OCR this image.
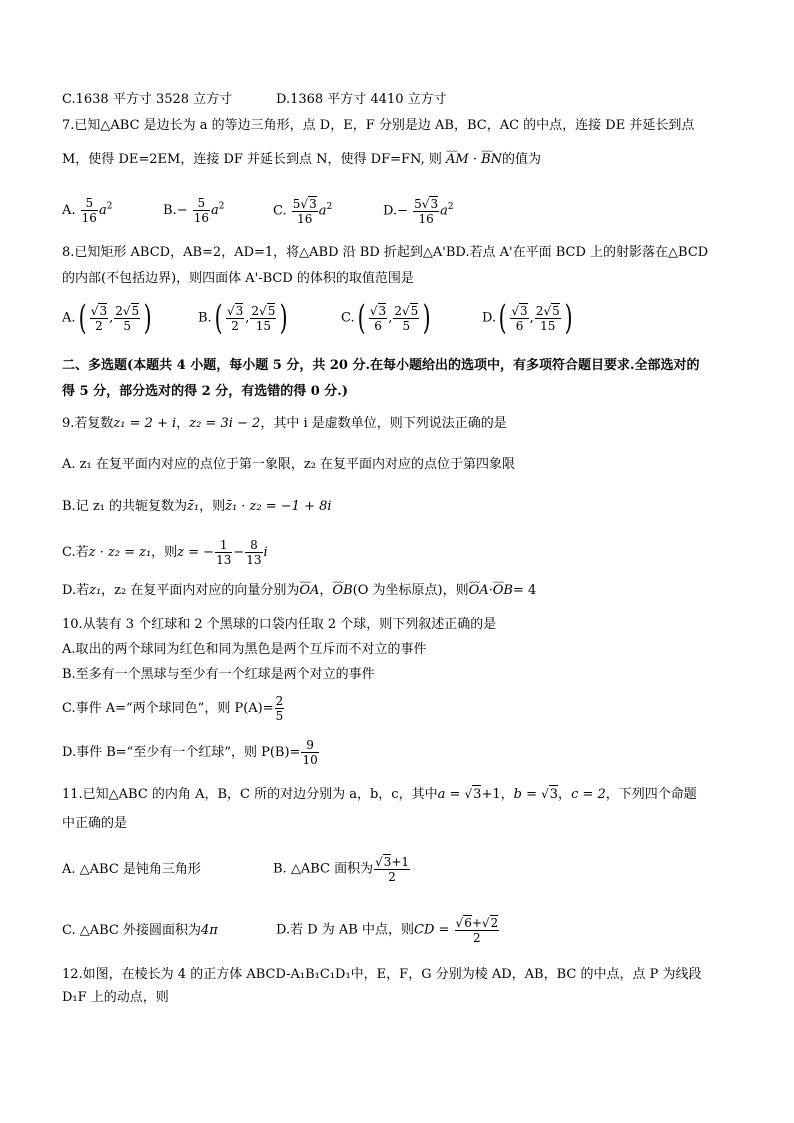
C.1638 平方寸 3528 立方寸	D.1368 平方寸 4410 立方寸
7.已知△ABC 是边长为 a 的等边三角形，点 D，E，F 分别是边 AB，BC，AC 的中点，连接 DE 并延长到点
M，使得 DE=2EM，连接 DF 并延长到点 N，使得 DF=FN, 则 ⌣⌣⌣ AM · ⌣⌣⌣ BN的值为
A. $\frac{5}{16} a^2$	$B.- \frac{5}{16} a^2$	C. $\frac{5√3}{16} a^2$	$D.- \frac{5√3}{16} a^2$
8.已知矩形 ABCD，AB=2，AD=1，将△ABD 沿 BD 折起到△A'BD.若点 A'在平面 BCD 上的射影落在△BCD
的内部(不包括边界)，则四面体 A'-BCD 的体积的取值范围是
$A.( \frac{√3}{2}$ , $\frac{2√5}{5}$ )	$B.( \frac{√3}{2}$ , $\frac{2√5}{15}$ )	$C.( \frac{√3}{6}$ , $\frac{2√5}{5}$ )	$D.( \frac{√3}{6}$ , $\frac{2√5}{15}$ )
二、多选题(本题共 4 小题，每小题 5 分，共 20 分.在每小题给出的选项中，有多项符合题目要求.全部选对的
得 5 分，部分选对的得 2 分，有选错的得 0 分.)
9.若复数z₁ = 2 + i，z₂ = 3i − 2，其中 i 是虚数单位，则下列说法正确的是
A. z₁ 在复平面内对应的点位于第一象限，z₂ 在复平面内对应的点位于第四象限
B.记 z₁ 的共轭复数为z̄₁，则z̄₁ · z₂ = −1 + 8i
C.若z · z₂ = z₁，则z = − $\frac{1}{13} - \frac{8}{13}$ i
D.若z₁，z₂ 在复平面内对应的向量分别为⌣⌣⌣ OA，⌣⌣⌣ OB(O 为坐标原点)，则⌣⌣⌣ OA·⌣⌣⌣ OB= 4
10.从装有 3 个红球和 2 个黑球的口袋内任取 2 个球，则下列叙述正确的是
A.取出的两个球同为红色和同为黑色是两个互斥而不对立的事件
B.至多有一个黑球与至少有一个红球是两个对立的事件
C.事件 A=“两个球同色”，则 $P(A)= \frac{2}{5}$
D.事件 B=“至少有一个红球”，则 $P(B)= \frac{9}{10}$
11.已知△ABC 的内角 A，B，C 所的对边分别为 a，b，c，其中a = √3+1，b = √3，c = 2，下列四个命题
中正确的是
A. △ABC 是钝角三角形	B. △ABC 面积为 $\frac{√3+1}{2}$
C. △ABC 外接圆面积为4π	D.若 D 为 AB 中点，则CD = $\frac{√6+√2}{2}$
12.如图，在棱长为 4 的正方体 ABCD-A₁B₁C₁D₁中，E，F，G 分别为棱 AD，AB，BC 的中点，点 P 为线段
D₁F 上的动点，则
